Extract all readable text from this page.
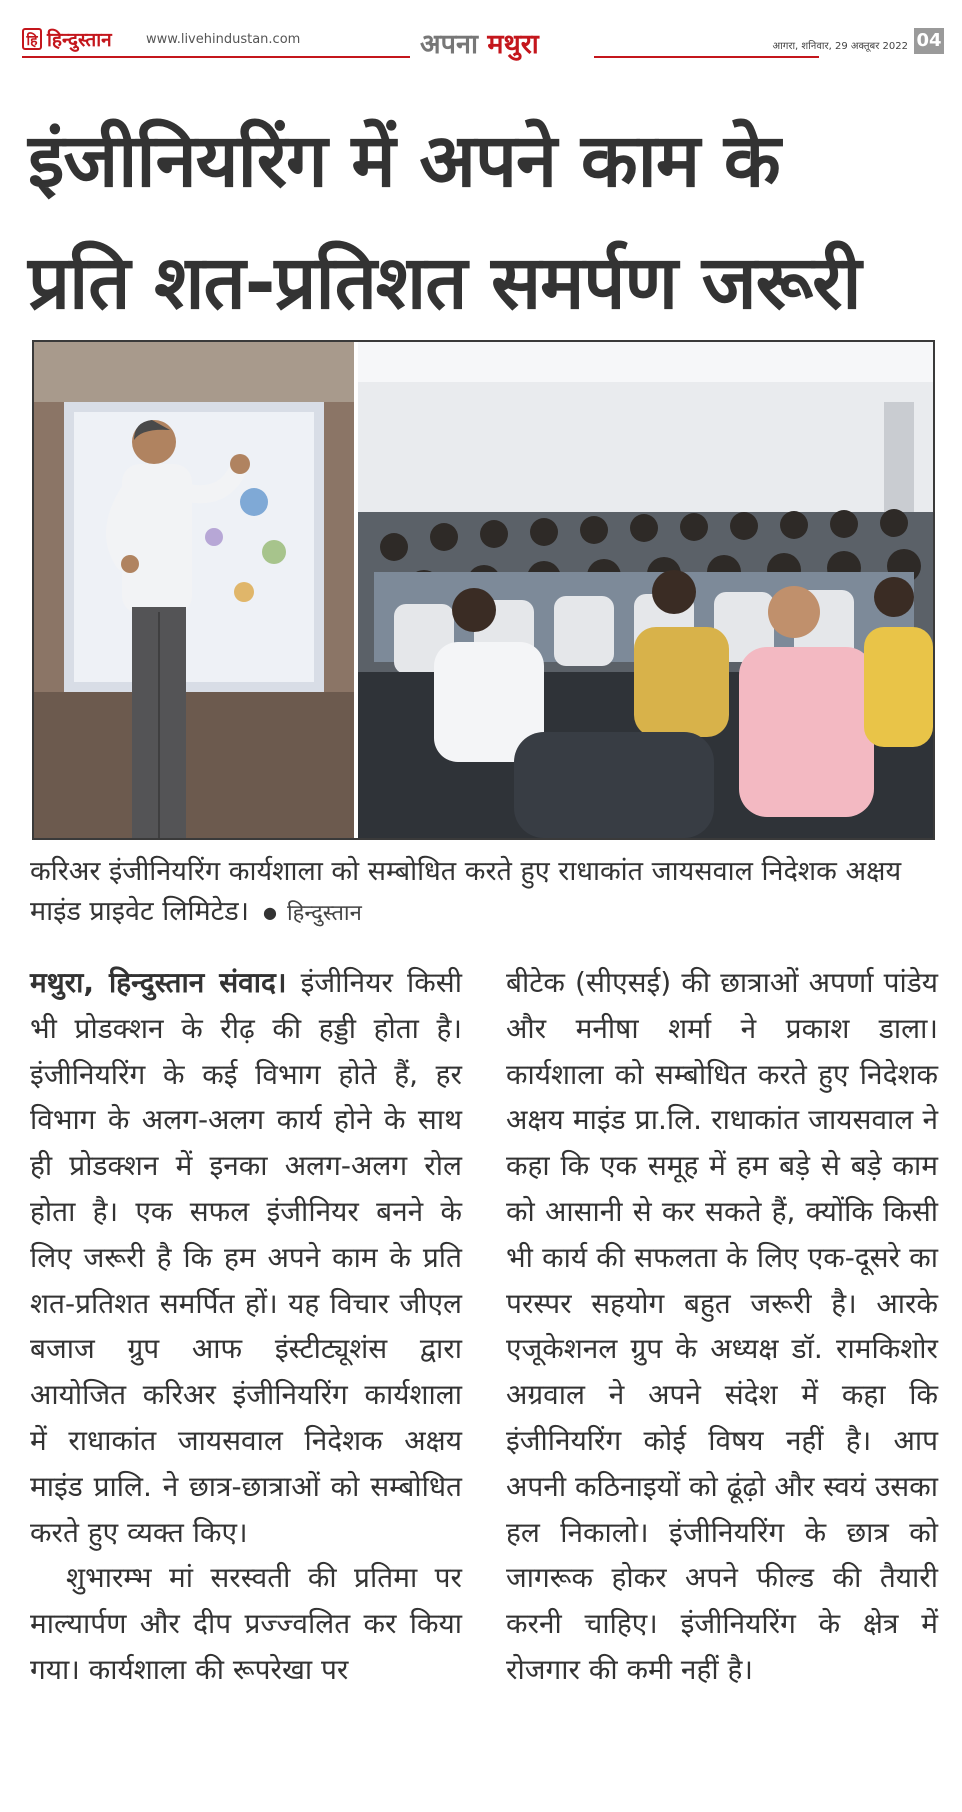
हि हिन्दुस्तान	www.livehindustan.com	अपना मथुरा	आगरा, शनिवार, 29 अक्तूबर 2022 04
इंजीनियरिंग में अपने काम के
प्रति शत-प्रतिशत समर्पण जरूरी
करिअर इंजीनियरिंग कार्यशाला को सम्बोधित करते हुए राधाकांत जायसवाल निदेशक अक्षय माइंड प्राइवेट लिमिटेड। ● हिन्दुस्तान

मथुरा, हिन्दुस्तान संवाद। इंजीनियर किसी भी प्रोडक्शन के रीढ़ की हड्डी होता है। इंजीनियरिंग के कई विभाग होते हैं, हर विभाग के अलग-अलग कार्य होने के साथ ही प्रोडक्शन में इनका अलग-अलग रोल होता है। एक सफल इंजीनियर बनने के लिए जरूरी है कि हम अपने काम के प्रति शत-प्रतिशत समर्पित हों। यह विचार जीएल बजाज ग्रुप आफ इंस्टीट्यूशंस द्वारा आयोजित करिअर इंजीनियरिंग कार्यशाला में राधाकांत जायसवाल निदेशक अक्षय माइंड प्रालि. ने छात्र-छात्राओं को सम्बोधित करते हुए व्यक्त किए।

शुभारम्भ मां सरस्वती की प्रतिमा पर माल्यार्पण और दीप प्रज्ज्वलित कर किया गया। कार्यशाला की रूपरेखा पर

बीटेक (सीएसई) की छात्राओं अपर्णा पांडेय और मनीषा शर्मा ने प्रकाश डाला। कार्यशाला को सम्बोधित करते हुए निदेशक अक्षय माइंड प्रा.लि. राधाकांत जायसवाल ने कहा कि एक समूह में हम बड़े से बड़े काम को आसानी से कर सकते हैं, क्योंकि किसी भी कार्य की सफलता के लिए एक-दूसरे का परस्पर सहयोग बहुत जरूरी है। आरके एजूकेशनल ग्रुप के अध्यक्ष डॉ. रामकिशोर अग्रवाल ने अपने संदेश में कहा कि इंजीनियरिंग कोई विषय नहीं है। आप अपनी कठिनाइयों को ढूंढ़ो और स्वयं उसका हल निकालो। इंजीनियरिंग के छात्र को जागरूक होकर अपने फील्ड की तैयारी करनी चाहिए। इंजीनियरिंग के क्षेत्र में रोजगार की कमी नहीं है।
